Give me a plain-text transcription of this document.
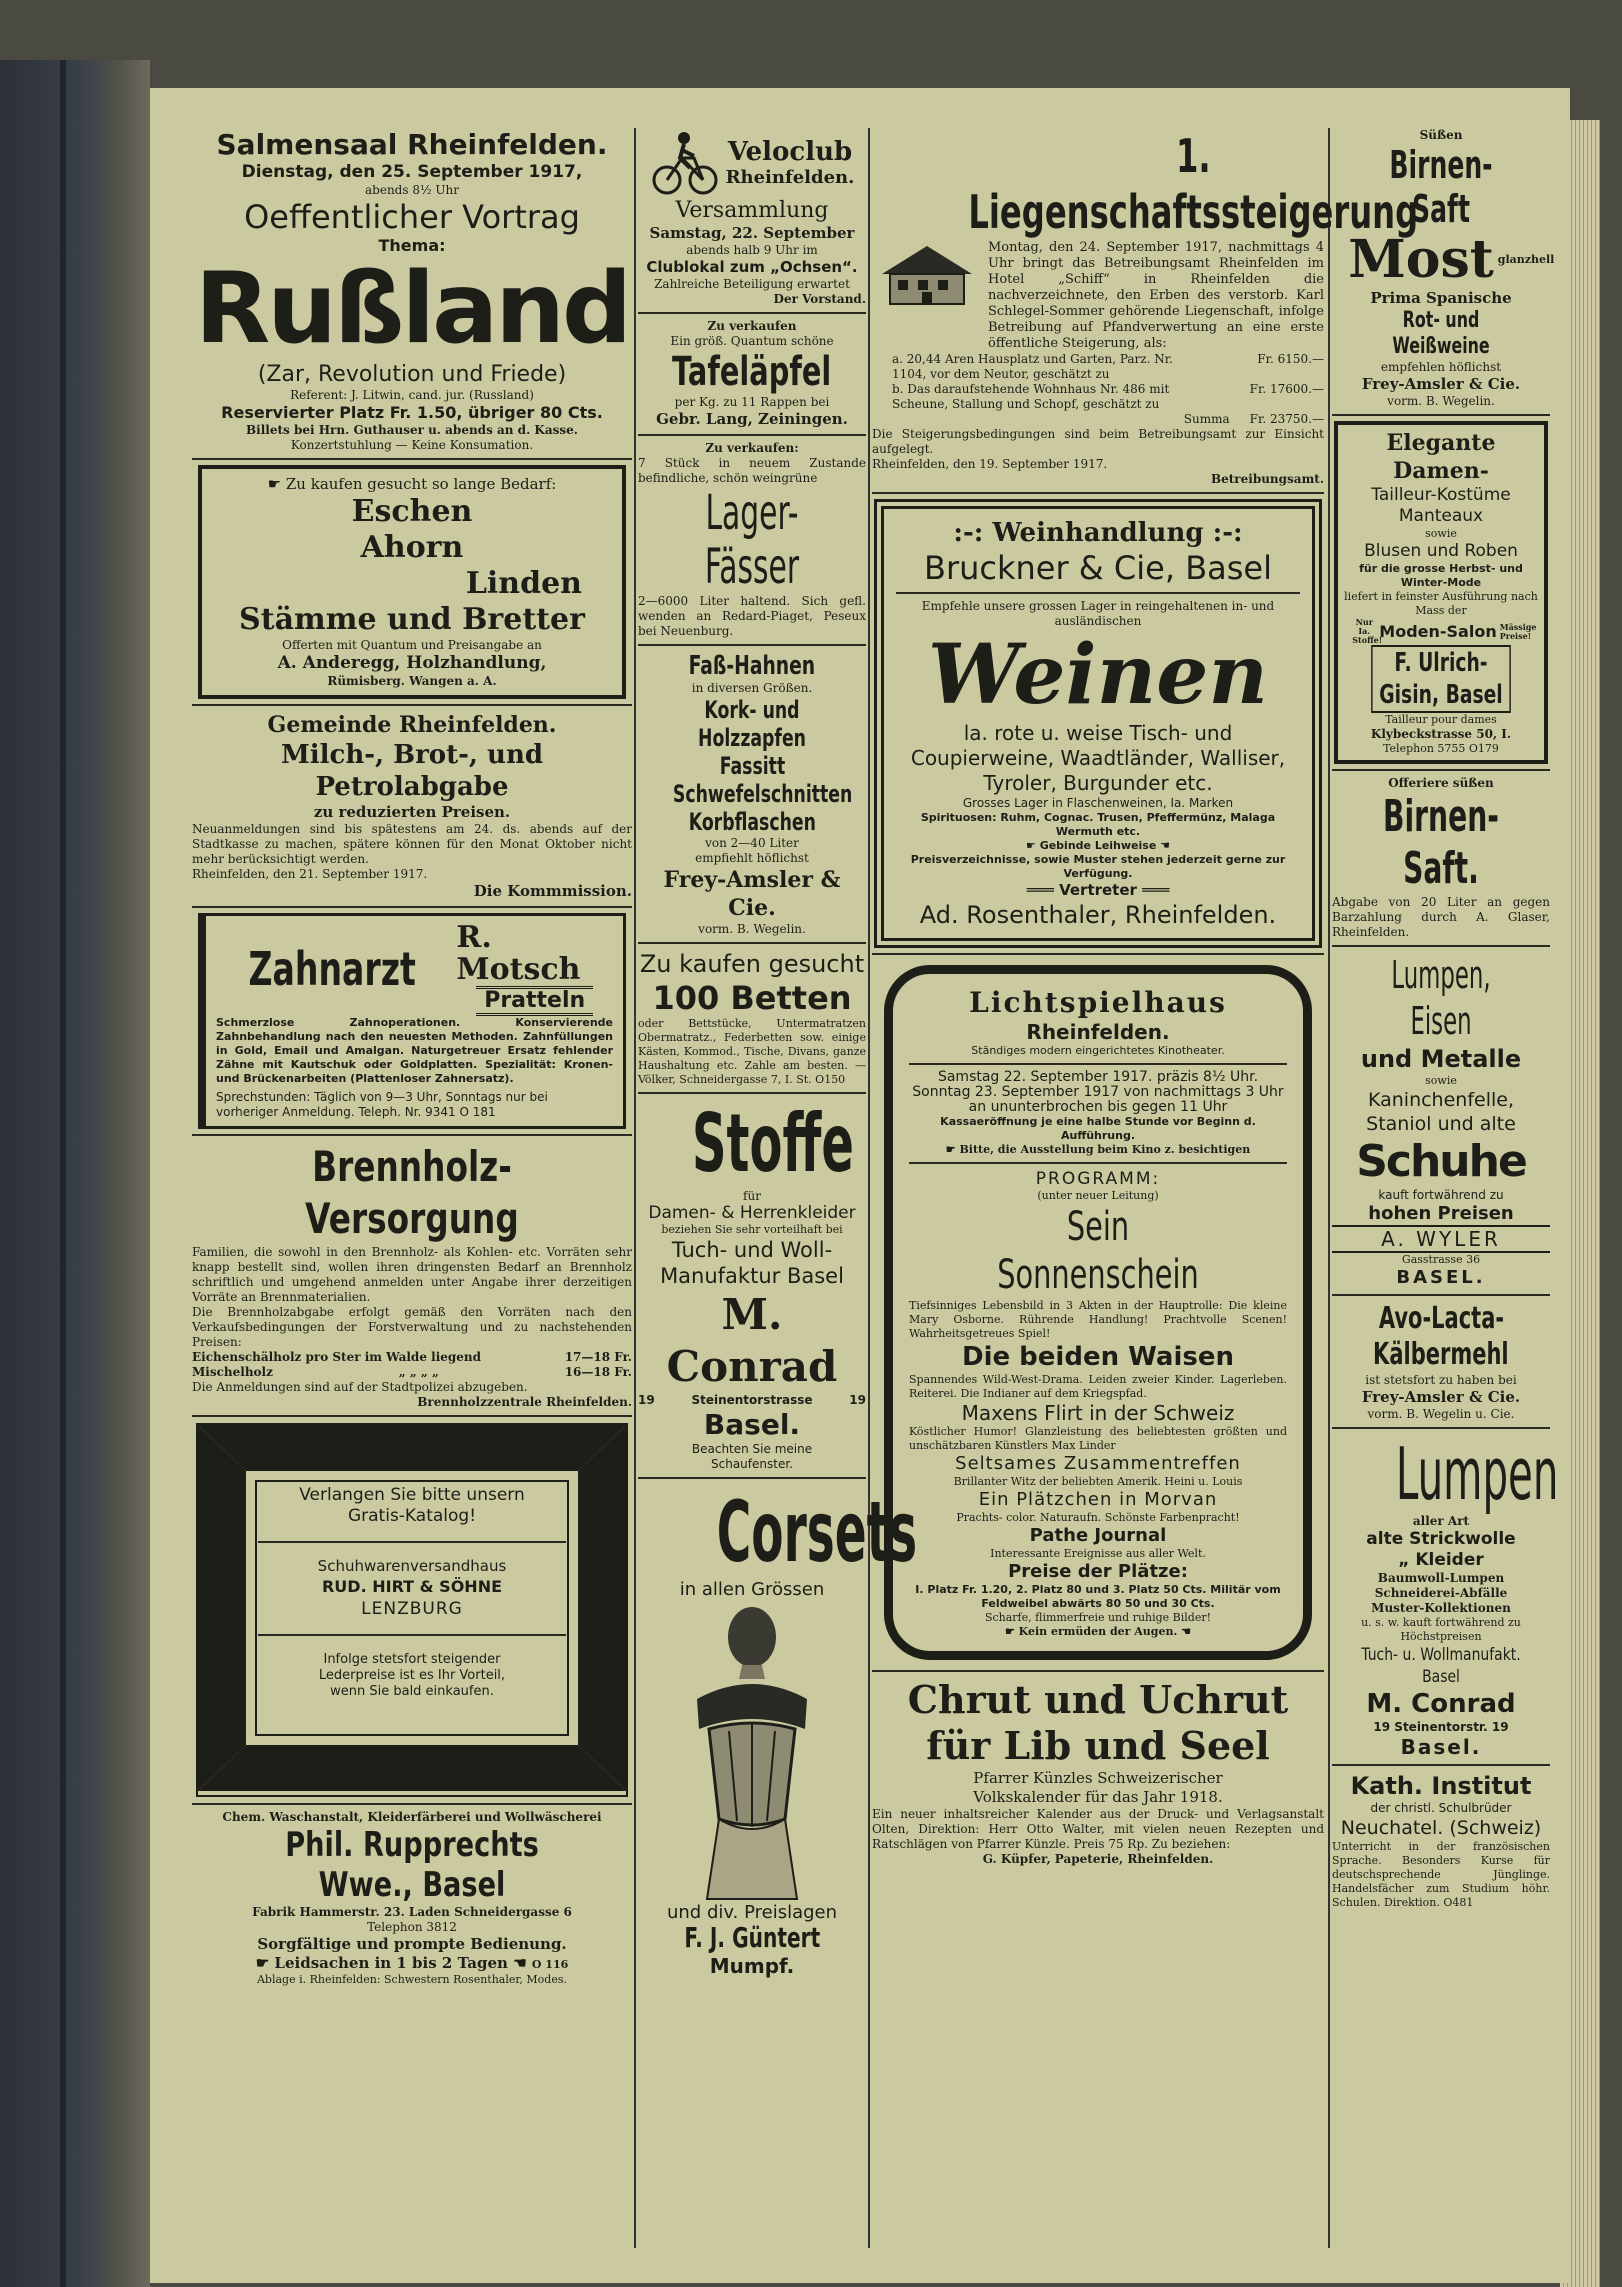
Salmensaal Rheinfelden.
Dienstag, den 25. September 1917,
abends 8½ Uhr
Oeffentlicher Vortrag
Thema:
Rußland
(Zar, Revolution und Friede)
Referent: J. Litwin, cand. jur. (Russland)
Reservierter Platz Fr. 1.50, übriger 80 Cts.
Billets bei Hrn. Guthauser u. abends an d. Kasse.
Konzertstuhlung — Keine Konsumation.
☛ Zu kaufen gesucht so lange Bedarf:
Eschen
Ahorn
Linden
Stämme und Bretter
Offerten mit Quantum und Preisangabe an
A. Anderegg, Holzhandlung,
Rümisberg. Wangen a. A.
Gemeinde Rheinfelden.
Milch-, Brot-, und Petrolabgabe
zu reduzierten Preisen.
Neuanmeldungen sind bis spätestens am 24. ds. abends auf der Stadtkasse zu machen, spätere können für den Monat Oktober nicht mehr berücksichtigt werden.
Rheinfelden, den 21. September 1917.
Die Kommmission.
Zahnarzt
R. Motsch
Pratteln
Schmerzlose Zahnoperationen. Konservierende Zahnbehandlung nach den neuesten Methoden. Zahnfüllungen in Gold, Email und Amalgan. Naturgetreuer Ersatz fehlender Zähne mit Kautschuk oder Goldplatten. Spezialität: Kronen- und Brückenarbeiten (Plattenloser Zahnersatz).
Sprechstunden: Täglich von 9—3 Uhr, Sonntags nur bei vorheriger Anmeldung. Teleph. Nr. 9341 O 181
Brennholz-Versorgung
Familien, die sowohl in den Brennholz- als Kohlen- etc. Vorräten sehr knapp bestellt sind, wollen ihren dringensten Bedarf an Brennholz schriftlich und umgehend anmelden unter Angabe ihrer derzeitigen Vorräte an Brennmaterialien.
Die Brennholzabgabe erfolgt gemäß den Vorräten nach den Verkaufsbedingungen der Forstverwaltung und zu nachstehenden Preisen:
Eichenschälholz pro Ster im Walde liegend	17—18 Fr.
Mischelholz	„ „ „ „	16—18 Fr.
Die Anmeldungen sind auf der Stadtpolizei abzugeben.
Brennholzzentrale Rheinfelden.
Verlangen Sie bitte unsern
Gratis-Katalog!
Schuhwarenversandhaus
RUD. HIRT & SÖHNE
LENZBURG
Infolge stetsfort steigender
Lederpreise ist es Ihr Vorteil,
wenn Sie bald einkaufen.
Chem. Waschanstalt, Kleiderfärberei und Wollwäscherei
Phil. Rupprechts Wwe., Basel
Fabrik Hammerstr. 23. Laden Schneidergasse 6
Telephon 3812
Sorgfältige und prompte Bedienung.
☛ Leidsachen in 1 bis 2 Tagen ☚ O 116
Ablage i. Rheinfelden: Schwestern Rosenthaler, Modes.
Veloclub
Rheinfelden.
Versammlung
Samstag, 22. September
abends halb 9 Uhr im
Clublokal zum „Ochsen“.
Zahlreiche Beteiligung erwartet
Der Vorstand.
Zu verkaufen
Ein größ. Quantum schöne
Tafeläpfel
per Kg. zu 11 Rappen bei
Gebr. Lang, Zeiningen.
Zu verkaufen:
7 Stück in neuem Zustande befindliche, schön weingrüne
Lager-Fässer
2—6000 Liter haltend. Sich gefl. wenden an Redard-Piaget, Peseux bei Neuenburg.
Faß-Hahnen
in diversen Größen.
Kork- und Holzzapfen Fassitt Schwefelschnitten Korbflaschen
von 2—40 Liter
empfiehlt höflichst
Frey-Amsler & Cie.
vorm. B. Wegelin.
Zu kaufen gesucht
100 Betten
oder Bettstücke, Untermatratzen Obermatratz., Federbetten sow. einige Kästen, Kommod., Tische, Divans, ganze Haushaltung etc. Zahle am besten. — Völker, Schneidergasse 7, I. St. O150
Stoffe
für
Damen- & Herrenkleider
beziehen Sie sehr vorteilhaft bei
Tuch- und Woll-
Manufaktur Basel
M. Conrad
19	Steinentorstrasse	19
Basel.
Beachten Sie meine
Schaufenster.
Corsets
in allen Grössen
und div. Preislagen
F. J. Güntert
Mumpf.
1. Liegenschaftssteigerung
Montag, den 24. September 1917, nachmittags 4 Uhr bringt das Betreibungsamt Rheinfelden im Hotel „Schiff“ in Rheinfelden die nachverzeichnete, den Erben des verstorb. Karl Schlegel-Sommer gehörende Liegenschaft, infolge Betreibung auf Pfandverwertung an eine erste öffentliche Steigerung, als:
a. 20,44 Aren Hausplatz und Garten, Parz. Nr. 1104, vor dem Neutor, geschätzt zu
Fr. 6150.—
b. Das daraufstehende Wohnhaus Nr. 486 mit Scheune, Stallung und Schopf, geschätzt zu
Fr. 17600.—
Summa Fr. 23750.—
Die Steigerungsbedingungen sind beim Betreibungsamt zur Einsicht aufgelegt.
Rheinfelden, den 19. September 1917.
Betreibungsamt.
:-: Weinhandlung :-:
Bruckner & Cie, Basel
Empfehle unsere grossen Lager in reingehaltenen in- und ausländischen
Weinen
la. rote u. weise Tisch- und Coupierweine, Waadtländer, Walliser, Tyroler, Burgunder etc.
Grosses Lager in Flaschenweinen, Ia. Marken
Spirituosen: Ruhm, Cognac. Trusen, Pfeffermünz, Malaga Wermuth etc.
☛ Gebinde Leihweise ☚
Preisverzeichnisse, sowie Muster stehen jederzeit gerne zur Verfügung.
═══ Vertreter ═══
Ad. Rosenthaler, Rheinfelden.
Lichtspielhaus
Rheinfelden.
Ständiges modern eingerichtetes Kinotheater.
Samstag 22. September 1917. präzis 8½ Uhr.
Sonntag 23. September 1917 von nachmittags 3 Uhr an ununterbrochen bis gegen 11 Uhr
Kassaeröffnung je eine halbe Stunde vor Beginn d. Aufführung.
☛ Bitte, die Ausstellung beim Kino z. besichtigen
PROGRAMM:
(unter neuer Leitung)
Sein Sonnenschein
Tiefsinniges Lebensbild in 3 Akten in der Hauptrolle: Die kleine Mary Osborne. Rührende Handlung! Prachtvolle Scenen! Wahrheitsgetreues Spiel!
Die beiden Waisen
Spannendes Wild-West-Drama. Leiden zweier Kinder. Lagerleben. Reiterei. Die Indianer auf dem Kriegspfad.
Maxens Flirt in der Schweiz
Köstlicher Humor! Glanzleistung des beliebtesten größten und unschätzbaren Künstlers Max Linder
Seltsames Zusammentreffen
Brillanter Witz der beliebten Amerik. Heini u. Louis
Ein Plätzchen in Morvan
Prachts- color. Naturaufn. Schönste Farbenpracht!
Pathe Journal
Interessante Ereignisse aus aller Welt.
Preise der Plätze:
I. Platz Fr. 1.20, 2. Platz 80 und 3. Platz 50 Cts. Militär vom Feldweibel abwärts 80 50 und 30 Cts.
Scharfe, flimmerfreie und ruhige Bilder!
☛ Kein ermüden der Augen. ☚
Chrut und Uchrut
für Lib und Seel
Pfarrer Künzles Schweizerischer
Volkskalender für das Jahr 1918.
Ein neuer inhaltsreicher Kalender aus der Druck- und Verlagsanstalt Olten, Direktion: Herr Otto Walter, mit vielen neuen Rezepten und Ratschlägen von Pfarrer Künzle. Preis 75 Rp. Zu beziehen:
G. Küpfer, Papeterie, Rheinfelden.
Süßen
Birnen-Saft
Most glanzhell
Prima Spanische
Rot- und Weißweine
empfehlen höflichst
Frey-Amsler & Cie.
vorm. B. Wegelin.
Elegante Damen-
Tailleur-Kostüme
Manteaux
sowie
Blusen und Roben
für die grosse Herbst- und Winter-Mode
liefert in feinster Ausführung nach Mass der
Nur Ia. Stoffe!
Moden-Salon Mässige Preise!
F. Ulrich-Gisin, Basel
Tailleur pour dames
Klybeckstrasse 50, I.
Telephon 5755 O179
Offeriere süßen
Birnen-Saft.
Abgabe von 20 Liter an gegen Barzahlung durch A. Glaser, Rheinfelden.
Lumpen, Eisen
und Metalle
sowie
Kaninchenfelle,
Staniol und alte
Schuhe
kauft fortwährend zu
hohen Preisen
A. WYLER
Gasstrasse 36
BASEL.
Avo-Lacta- Kälbermehl
ist stetsfort zu haben bei
Frey-Amsler & Cie.
vorm. B. Wegelin u. Cie.
Lumpen
aller Art
alte Strickwolle
„ Kleider
Baumwoll-Lumpen
Schneiderei-Abfälle
Muster-Kollektionen
u. s. w. kauft fortwährend zu Höchstpreisen
Tuch- u. Wollmanufakt. Basel
M. Conrad
19 Steinentorstr. 19
Basel.
Kath. Institut
der christl. Schulbrüder
Neuchatel. (Schweiz)
Unterricht in der französischen Sprache. Besonders Kurse für deutschsprechende Jünglinge. Handelsfächer zum Studium höhr. Schulen. Direktion. O481
